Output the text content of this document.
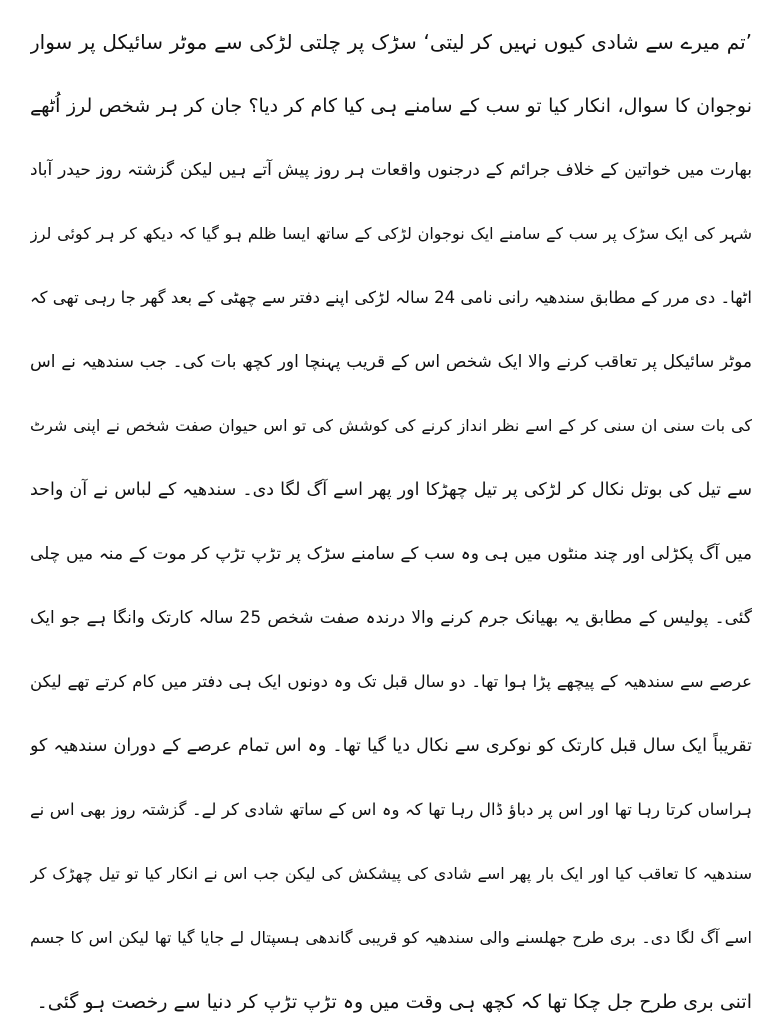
’تم میرے سے شادی کیوں نہیں کر لیتی‘ سڑک پر چلتی لڑکی سے موٹر سائیکل پر سوار
نوجوان کا سوال، انکار کیا تو سب کے سامنے ہی کیا کام کر دیا؟ جان کر ہر شخص لرز اُٹھے
بھارت میں خواتین کے خلاف جرائم کے درجنوں واقعات ہر روز پیش آتے ہیں لیکن گزشتہ روز حیدر آباد
شہر کی ایک سڑک پر سب کے سامنے ایک نوجوان لڑکی کے ساتھ ایسا ظلم ہو گیا کہ دیکھ کر ہر کوئی لرز
اٹھا۔ دی مرر کے مطابق سندھیہ رانی نامی 24 سالہ لڑکی اپنے دفتر سے چھٹی کے بعد گھر جا رہی تھی کہ
موٹر سائیکل پر تعاقب کرنے والا ایک شخص اس کے قریب پہنچا اور کچھ بات کی۔ جب سندھیہ نے اس
کی بات سنی ان سنی کر کے اسے نظر انداز کرنے کی کوشش کی تو اس حیوان صفت شخص نے اپنی شرٹ
سے تیل کی بوتل نکال کر لڑکی پر تیل چھڑکا اور پھر اسے آگ لگا دی۔ سندھیہ کے لباس نے آن واحد
میں آگ پکڑلی اور چند منٹوں میں ہی وہ سب کے سامنے سڑک پر تڑپ تڑپ کر موت کے منہ میں چلی
گئی۔ پولیس کے مطابق یہ بھیانک جرم کرنے والا درندہ صفت شخص 25 سالہ کارتک وانگا ہے جو ایک
عرصے سے سندھیہ کے پیچھے پڑا ہوا تھا۔ دو سال قبل تک وہ دونوں ایک ہی دفتر میں کام کرتے تھے لیکن
تقریباً ایک سال قبل کارتک کو نوکری سے نکال دیا گیا تھا۔ وہ اس تمام عرصے کے دوران سندھیہ کو
ہراساں کرتا رہا تھا اور اس پر دباؤ ڈال رہا تھا کہ وہ اس کے ساتھ شادی کر لے۔ گزشتہ روز بھی اس نے
سندھیہ کا تعاقب کیا اور ایک بار پھر اسے شادی کی پیشکش کی لیکن جب اس نے انکار کیا تو تیل چھڑک کر
اسے آگ لگا دی۔ بری طرح جھلسنے والی سندھیہ کو قریبی گاندھی ہسپتال لے جایا گیا تھا لیکن اس کا جسم
اتنی بری طرح جل چکا تھا کہ کچھ ہی وقت میں وہ تڑپ تڑپ کر دنیا سے رخصت ہو گئی۔
